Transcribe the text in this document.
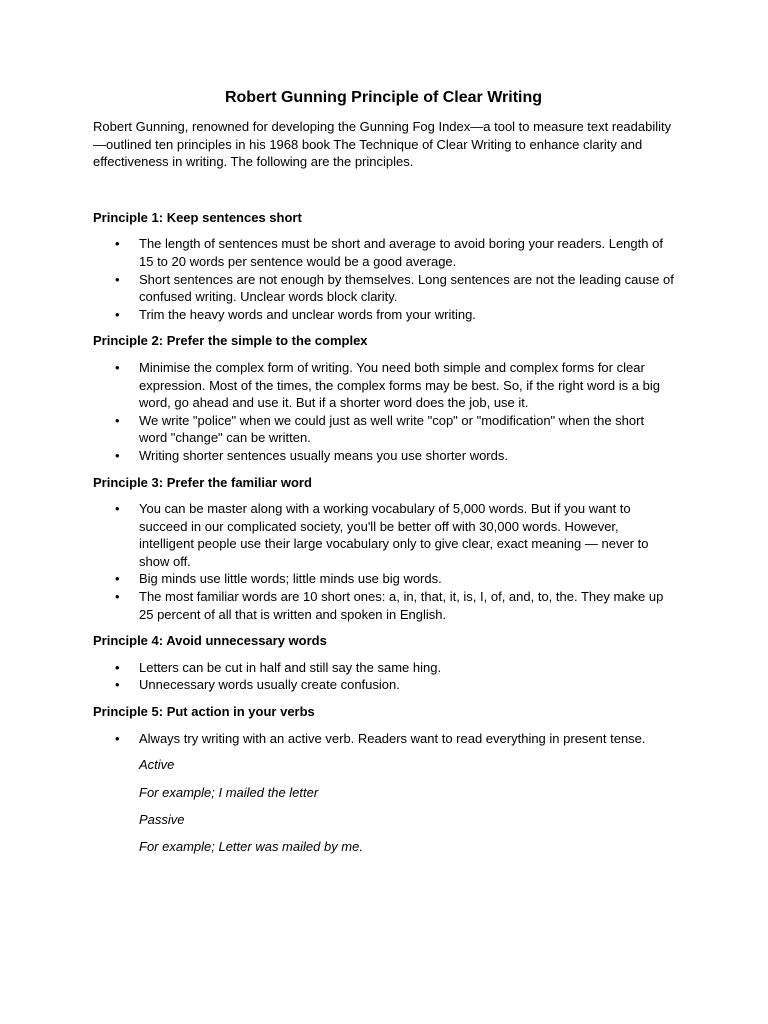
Robert Gunning Principle of Clear Writing

Robert Gunning, renowned for developing the Gunning Fog Index—a tool to measure text readability—outlined ten principles in his 1968 book The Technique of Clear Writing to enhance clarity and effectiveness in writing. The following are the principles.

Principle 1: Keep sentences short

• The length of sentences must be short and average to avoid boring your readers. Length of 15 to 20 words per sentence would be a good average.
• Short sentences are not enough by themselves. Long sentences are not the leading cause of confused writing. Unclear words block clarity.
• Trim the heavy words and unclear words from your writing.

Principle 2: Prefer the simple to the complex

• Minimise the complex form of writing. You need both simple and complex forms for clear expression. Most of the times, the complex forms may be best. So, if the right word is a big word, go ahead and use it. But if a shorter word does the job, use it.
• We write "police" when we could just as well write "cop" or "modification" when the short word "change" can be written.
• Writing shorter sentences usually means you use shorter words.

Principle 3: Prefer the familiar word

• You can be master along with a working vocabulary of 5,000 words. But if you want to succeed in our complicated society, you'll be better off with 30,000 words. However, intelligent people use their large vocabulary only to give clear, exact meaning — never to show off.
• Big minds use little words; little minds use big words.
• The most familiar words are 10 short ones: a, in, that, it, is, I, of, and, to, the. They make up 25 percent of all that is written and spoken in English.

Principle 4: Avoid unnecessary words

• Letters can be cut in half and still say the same hing.
• Unnecessary words usually create confusion.

Principle 5: Put action in your verbs

• Always try writing with an active verb. Readers want to read everything in present tense.

Active

For example; I mailed the letter

Passive

For example; Letter was mailed by me.
